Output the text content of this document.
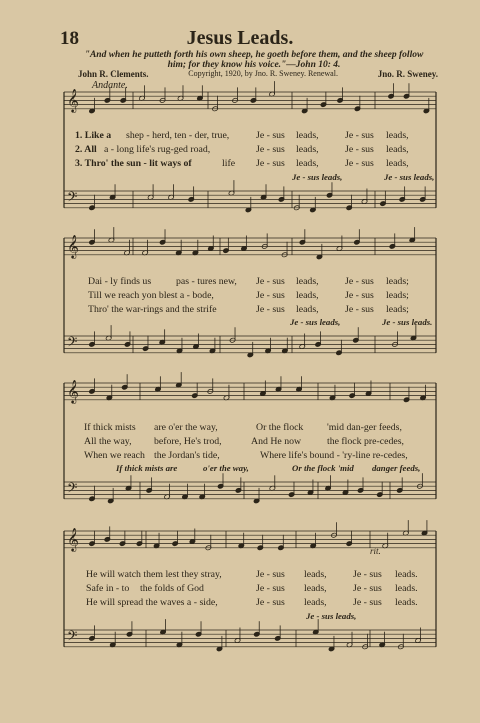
18	Jesus Leads.
"And when he putteth forth his own sheep, he goeth before them, and the sheep follow him; for they know his voice."—John 10: 4.
John R. Clements.	Copyright, 1920, by Jno. R. Sweney. Renewal.	Jno. R. Sweney.
Andante.
rit.
𝄞
𝄢
𝄞
𝄢
𝄞
𝄢
𝄞
𝄢
1. Like a shep - herd, ten - der, true,	Je - sus leads,	Je - sus leads,
2. All a - long life's rug-ged road,	Je - sus leads,	Je - sus leads,
3. Thro' the sun - lit ways of	life Je - sus leads,	Je - sus leads,
Je - sus leads,	Je - sus leads,
Dai - ly finds us	pas - tures new, Je - sus leads,	Je - sus leads;
Till we reach yon blest a - bode,	Je - sus leads,	Je - sus leads;
Thro' the war-rings and the strife	Je - sus leads,	Je - sus leads;
Je - sus leads,	Je - sus leads.
If thick mists are o'er the way,	Or the flock 'mid dan-ger feeds,
All the way, before, He's trod,	And He now	the flock pre-cedes,
When we reach the Jordan's tide,	Where life's bound - 'ry-line re-cedes,
If thick mists are	o'er the way,	Or the flock 'mid danger feeds,
He will watch them lest they stray,	Je - sus leads,	Je - sus leads.
Safe in - to the folds of God	Je - sus leads,	Je - sus leads.
He will spread the waves a - side,	Je - sus leads,	Je - sus leads.
Je - sus leads,
